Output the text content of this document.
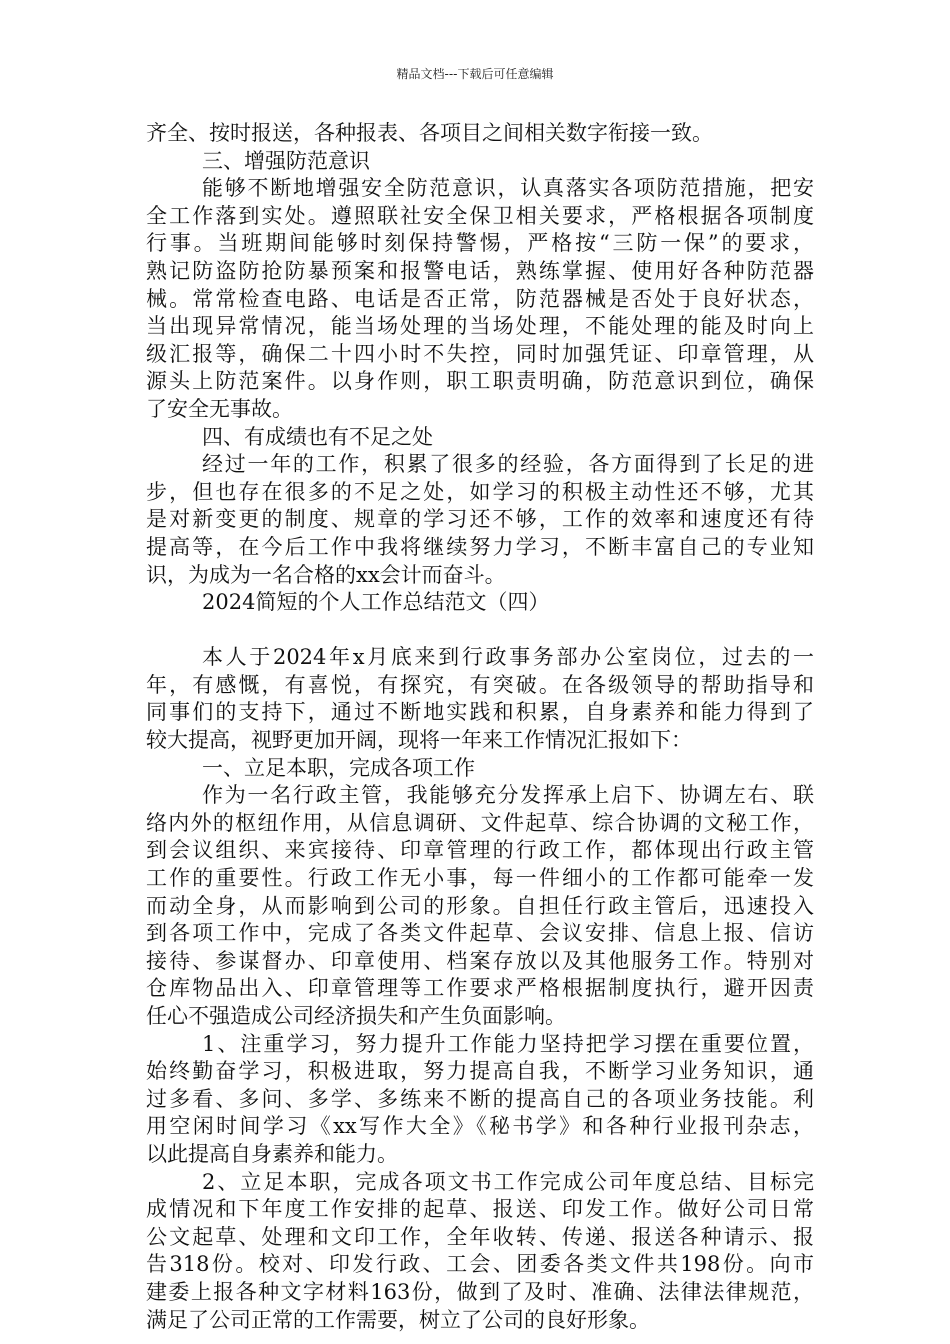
精品文档---下载后可任意编辑
齐全、按时报送，各种报表、各项目之间相关数字衔接一致。
三、增强防范意识
能够不断地增强安全防范意识，认真落实各项防范措施，把安
全工作落到实处。遵照联社安全保卫相关要求，严格根据各项制度
行事。当班期间能够时刻保持警惕，严格按“三防一保”的要求，
熟记防盗防抢防暴预案和报警电话，熟练掌握、使用好各种防范器
械。常常检查电路、电话是否正常，防范器械是否处于良好状态，
当出现异常情况，能当场处理的当场处理，不能处理的能及时向上
级汇报等，确保二十四小时不失控，同时加强凭证、印章管理，从
源头上防范案件。以身作则，职工职责明确，防范意识到位，确保
了安全无事故。
四、有成绩也有不足之处
经过一年的工作，积累了很多的经验，各方面得到了长足的进
步，但也存在很多的不足之处，如学习的积极主动性还不够，尤其
是对新变更的制度、规章的学习还不够，工作的效率和速度还有待
提高等，在今后工作中我将继续努力学习，不断丰富自己的专业知
识，为成为一名合格的xx会计而奋斗。
2024简短的个人工作总结范文（四）
本人于2024年x月底来到行政事务部办公室岗位，过去的一
年，有感慨，有喜悦，有探究，有突破。在各级领导的帮助指导和
同事们的支持下，通过不断地实践和积累，自身素养和能力得到了
较大提高，视野更加开阔，现将一年来工作情况汇报如下：
一、立足本职，完成各项工作
作为一名行政主管，我能够充分发挥承上启下、协调左右、联
络内外的枢纽作用，从信息调研、文件起草、综合协调的文秘工作，
到会议组织、来宾接待、印章管理的行政工作，都体现出行政主管
工作的重要性。行政工作无小事，每一件细小的工作都可能牵一发
而动全身，从而影响到公司的形象。自担任行政主管后，迅速投入
到各项工作中，完成了各类文件起草、会议安排、信息上报、信访
接待、参谋督办、印章使用、档案存放以及其他服务工作。特别对
仓库物品出入、印章管理等工作要求严格根据制度执行，避开因责
任心不强造成公司经济损失和产生负面影响。
1、注重学习，努力提升工作能力坚持把学习摆在重要位置，
始终勤奋学习，积极进取，努力提高自我，不断学习业务知识，通
过多看、多问、多学、多练来不断的提高自己的各项业务技能。利
用空闲时间学习《xx写作大全》《秘书学》和各种行业报刊杂志，
以此提高自身素养和能力。
2、立足本职，完成各项文书工作完成公司年度总结、目标完
成情况和下年度工作安排的起草、报送、印发工作。做好公司日常
公文起草、处理和文印工作，全年收转、传递、报送各种请示、报
告318份。校对、印发行政、工会、团委各类文件共198份。向市
建委上报各种文字材料163份，做到了及时、准确、法律法律规范，
满足了公司正常的工作需要，树立了公司的良好形象。
